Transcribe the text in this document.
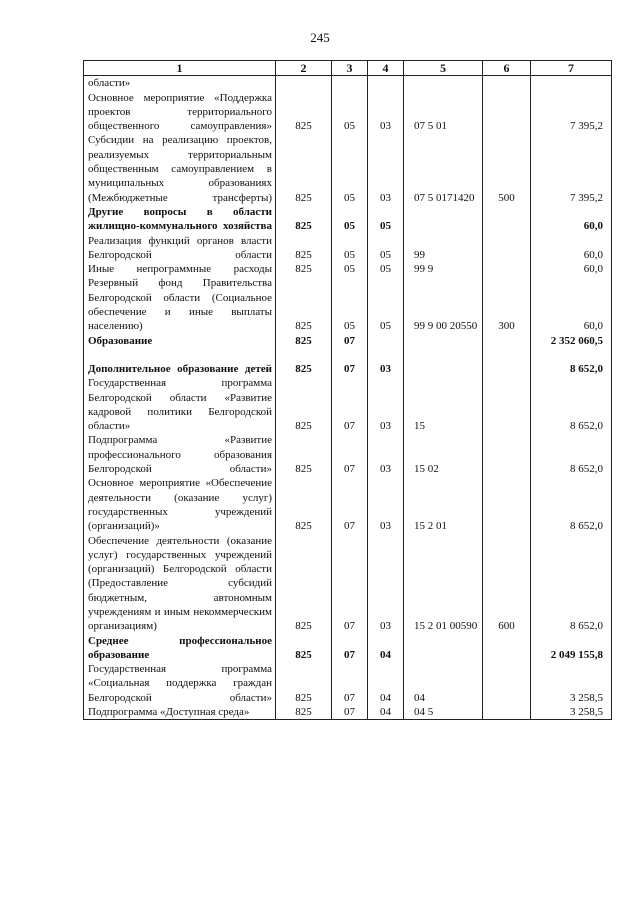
245
1	2	3	4	5	6	7
области»						
Основное мероприятие «Поддержка проектов территориального общественного самоуправления»	825	05	03	07 5 01		7 395,2
Субсидии на реализацию проектов, реализуемых территориальным общественным самоуправлением в муниципальных образованиях (Межбюджетные трансферты)	825	05	03	07 5 0171420	500	7 395,2
Другие вопросы в области жилищно-коммунального хозяйства	825	05	05			60,0
Реализация функций органов власти Белгородской области	825	05	05	99		60,0
Иные непрограммные расходы	825	05	05	99 9		60,0
Резервный фонд Правительства Белгородской области (Социальное обеспечение и иные выплаты населению)	825	05	05	99 9 00 20550	300	60,0
Образование	825	07				2 352 060,5

Дополнительное образование детей	825	07	03			8 652,0
Государственная программа Белгородской области «Развитие кадровой политики Белгородской области»	825	07	03	15		8 652,0
Подпрограмма «Развитие профессионального образования Белгородской области»	825	07	03	15 02		8 652,0
Основное мероприятие «Обеспечение деятельности (оказание услуг) государственных учреждений (организаций)»	825	07	03	15 2 01		8 652,0
Обеспечение деятельности (оказание услуг) государственных учреждений (организаций) Белгородской области (Предоставление субсидий бюджетным, автономным учреждениям и иным некоммерческим организациям)	825	07	03	15 2 01 00590	600	8 652,0
Среднее профессиональное образование	825	07	04			2 049 155,8
Государственная программа «Социальная поддержка граждан Белгородской области»	825	07	04	04		3 258,5
Подпрограмма «Доступная среда»	825	07	04	04 5		3 258,5
